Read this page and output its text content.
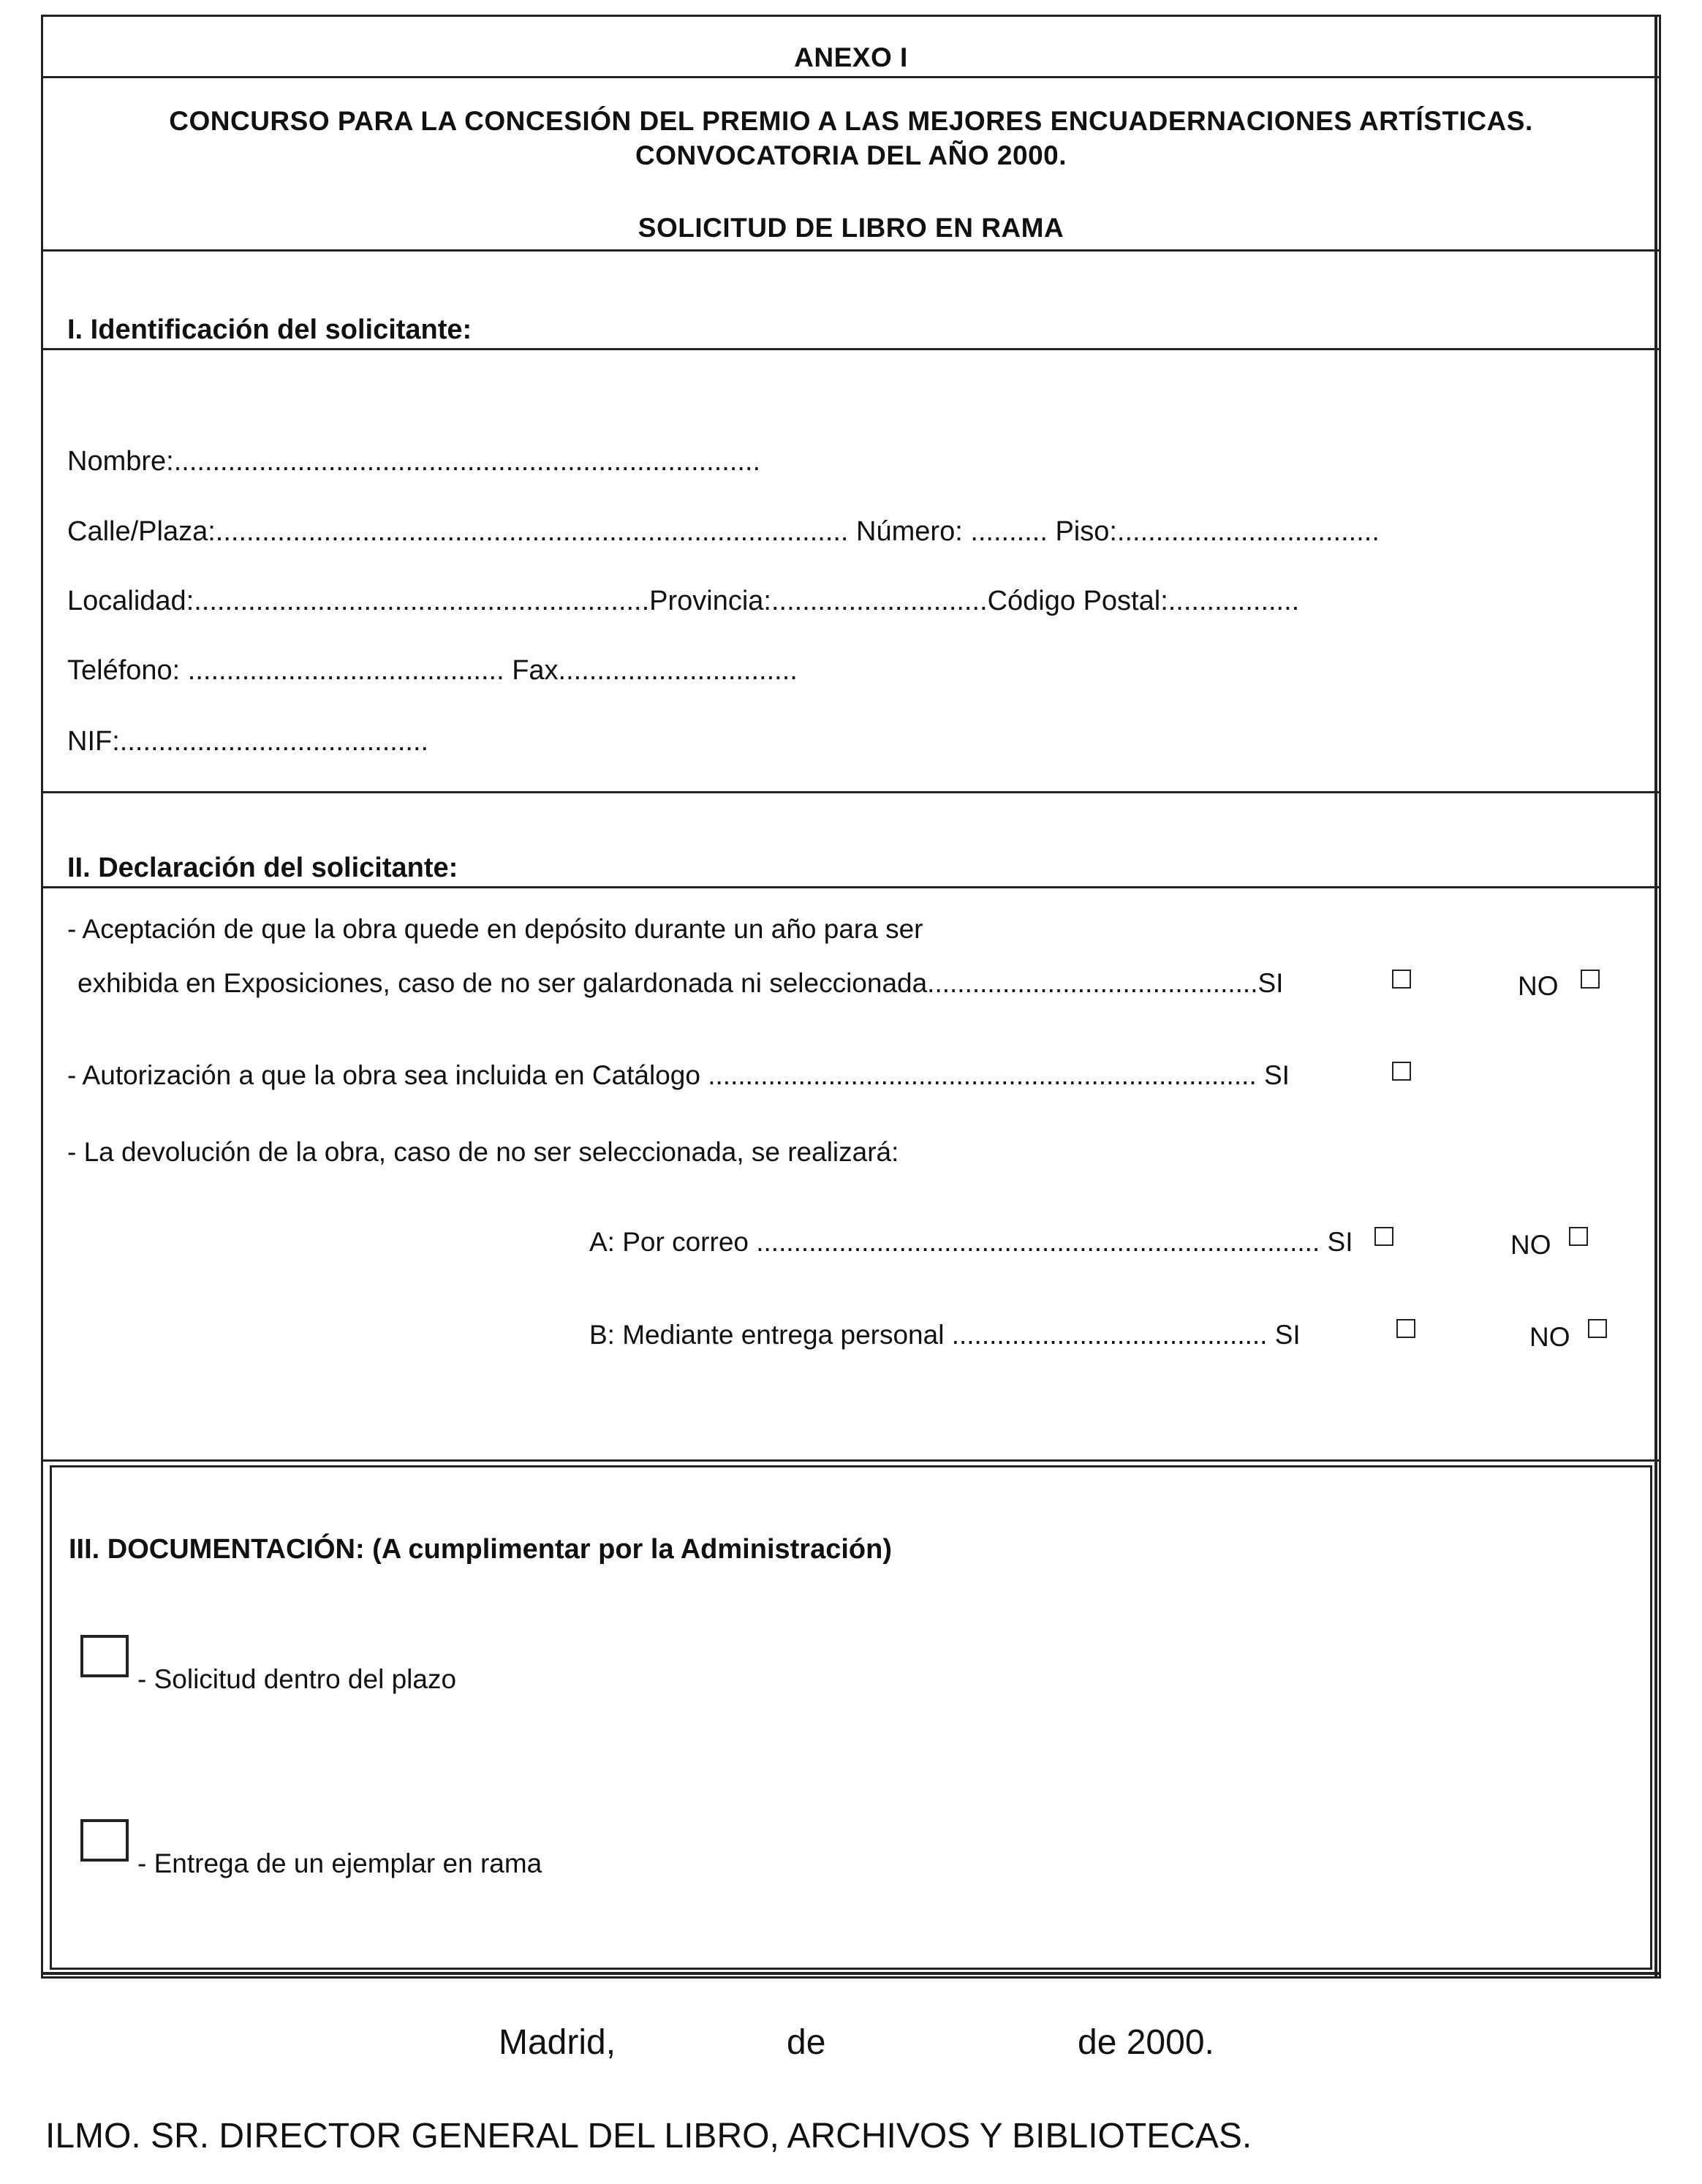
ANEXO I
CONCURSO PARA LA CONCESIÓN DEL PREMIO A LAS MEJORES ENCUADERNACIONES ARTÍSTICAS.
CONVOCATORIA DEL AÑO 2000.
SOLICITUD DE LIBRO EN RAMA
I. Identificación del solicitante:
Nombre:............................................................................
Calle/Plaza:.................................................................................. Número: .......... Piso:..................................
Localidad:...........................................................Provincia:............................Código Postal:.................
Teléfono: ......................................... Fax...............................
NIF:........................................
II. Declaración del solicitante:
- Aceptación de que la obra quede en depósito durante un año para ser
exhibida en Exposiciones, caso de no ser galardonada ni seleccionada............................................SI	NO
- Autorización a que la obra sea incluida en Catálogo ......................................................................... SI
- La devolución de la obra, caso de no ser seleccionada, se realizará:
A: Por correo ........................................................................... SI	NO
B: Mediante entrega personal .......................................... SI	NO
III. DOCUMENTACIÓN: (A cumplimentar por la Administración)
- Solicitud dentro del plazo
- Entrega de un ejemplar en rama
Madrid,	de	de 2000.
ILMO. SR. DIRECTOR GENERAL DEL LIBRO, ARCHIVOS Y BIBLIOTECAS.
